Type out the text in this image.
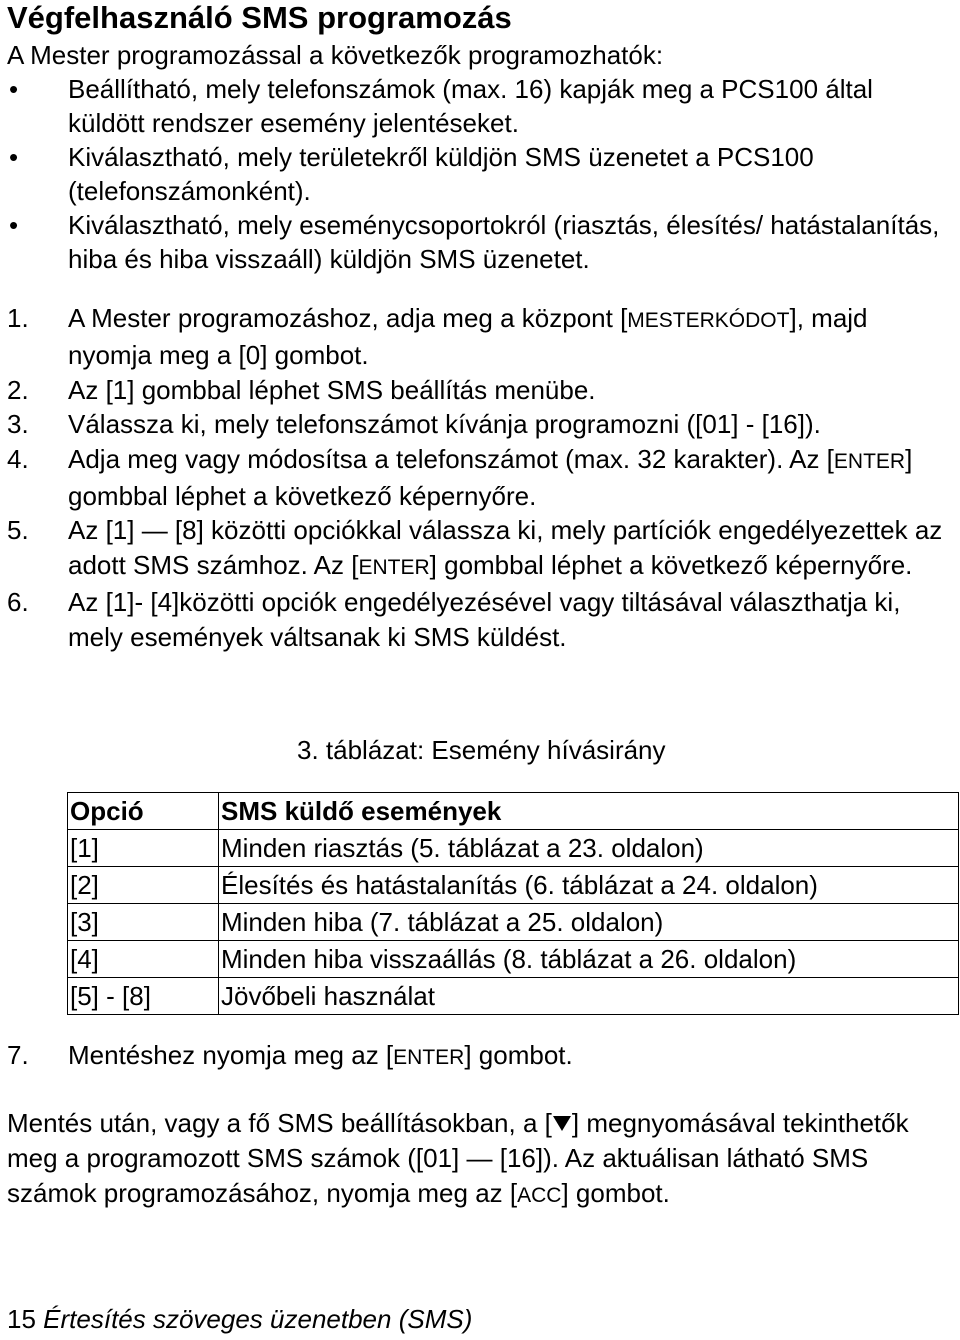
Végfelhasználó SMS programozás
A Mester programozással a következők programozhatók:
• Beállítható, mely telefonszámok (max. 16) kapják meg a PCS100 által küldött rendszer esemény jelentéseket.
• Kiválasztható, mely területekről küldjön SMS üzenetet a PCS100 (telefonszámonként).
• Kiválasztható, mely eseménycsoportokról (riasztás, élesítés/ hatástalanítás, hiba és hiba visszaáll) küldjön SMS üzenetet.
1. A Mester programozáshoz, adja meg a központ [MESTERKÓDOT], majd nyomja meg a [0] gombot.
2. Az [1] gombbal léphet SMS beállítás menübe.
3. Válassza ki, mely telefonszámot kívánja programozni ([01] - [16]).
4. Adja meg vagy módosítsa a telefonszámot (max. 32 karakter). Az [ENTER] gombbal léphet a következő képernyőre.
5. Az [1] — [8] közötti opciókkal válassza ki, mely partíciók engedélyezettek az adott SMS számhoz. Az [ENTER] gombbal léphet a következő képernyőre.
6. Az [1]- [4]közötti opciók engedélyezésével vagy tiltásával választhatja ki, mely események váltsanak ki SMS küldést.
3. táblázat: Esemény hívásirány
Opció	SMS küldő események
[1]	Minden riasztás (5. táblázat a 23. oldalon)
[2]	Élesítés és hatástalanítás (6. táblázat a 24. oldalon)
[3]	Minden hiba (7. táblázat a 25. oldalon)
[4]	Minden hiba visszaállás (8. táblázat a 26. oldalon)
[5] - [8]	Jövőbeli használat
7. Mentéshez nyomja meg az [ENTER] gombot.
Mentés után, vagy a fő SMS beállításokban, a [ ] megnyomásával tekinthetők meg a programozott SMS számok ([01] — [16]). Az aktuálisan látható SMS számok programozásához, nyomja meg az [ACC] gombot.
15 Értesítés szöveges üzenetben (SMS)
